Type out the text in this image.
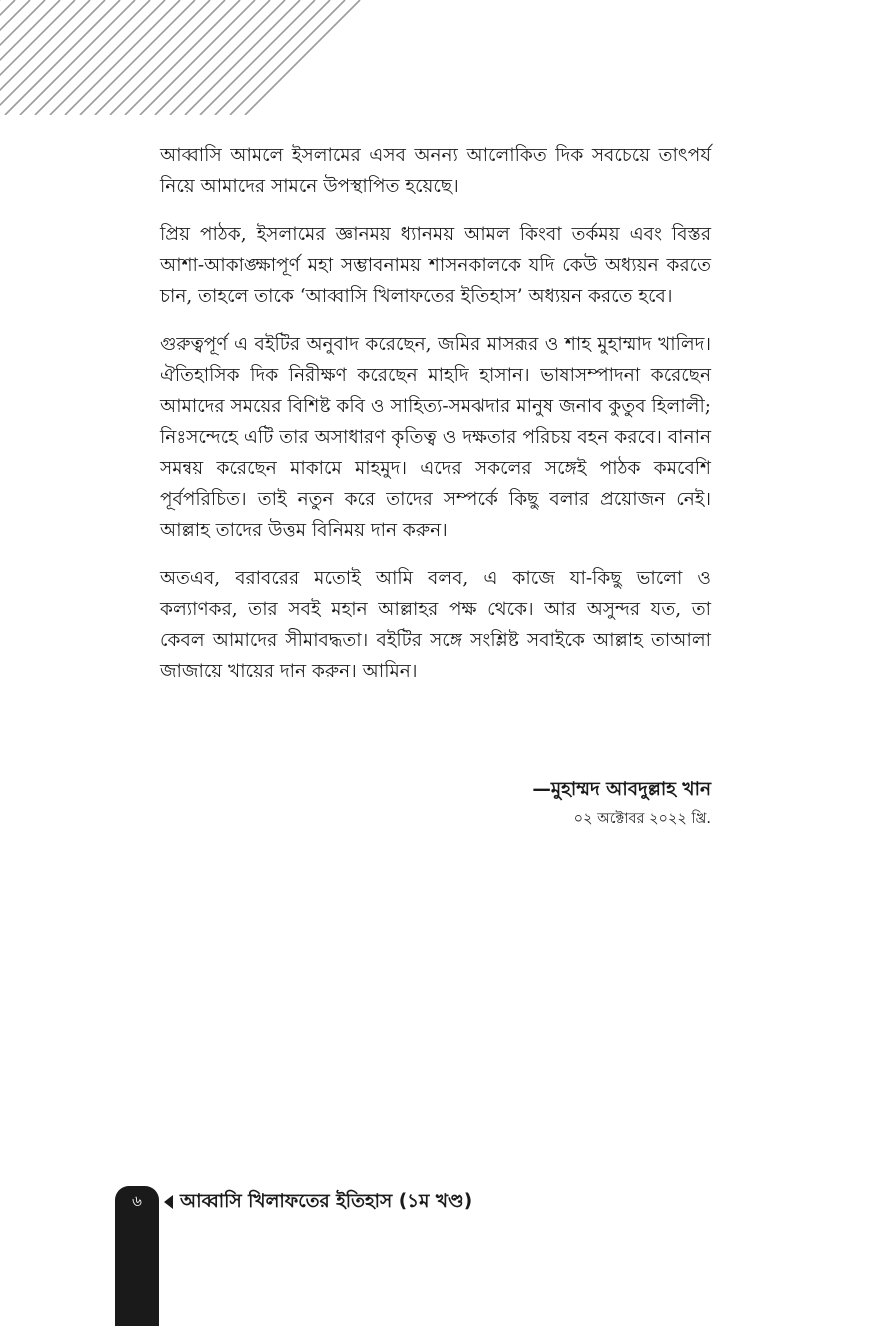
আব্বাসি আমলে ইসলামের এসব অনন্য আলোকিত দিক সবচেয়ে তাৎপর্য নিয়ে আমাদের সামনে উপস্থাপিত হয়েছে।

প্রিয় পাঠক, ইসলামের জ্ঞানময় ধ্যানময় আমল কিংবা তর্কময় এবং বিস্তর আশা-আকাঙ্ক্ষাপূর্ণ মহা সম্ভাবনাময় শাসনকালকে যদি কেউ অধ্যয়ন করতে চান, তাহলে তাকে ‘আব্বাসি খিলাফতের ইতিহাস’ অধ্যয়ন করতে হবে।

গুরুত্বপূর্ণ এ বইটির অনুবাদ করেছেন, জমির মাসরূর ও শাহ মুহাম্মাদ খালিদ। ঐতিহাসিক দিক নিরীক্ষণ করেছেন মাহদি হাসান। ভাষাসম্পাদনা করেছেন আমাদের সময়ের বিশিষ্ট কবি ও সাহিত্য-সমঝদার মানুষ জনাব কুতুব হিলালী; নিঃসন্দেহে এটি তার অসাধারণ কৃতিত্ব ও দক্ষতার পরিচয় বহন করবে। বানান সমন্বয় করেছেন মাকামে মাহমুদ। এদের সকলের সঙ্গেই পাঠক কমবেশি পূর্বপরিচিত। তাই নতুন করে তাদের সম্পর্কে কিছু বলার প্রয়োজন নেই। আল্লাহ তাদের উত্তম বিনিময় দান করুন।

অতএব, বরাবরের মতোই আমি বলব, এ কাজে যা-কিছু ভালো ও কল্যাণকর, তার সবই মহান আল্লাহর পক্ষ থেকে। আর অসুন্দর যত, তা কেবল আমাদের সীমাবদ্ধতা। বইটির সঙ্গে সংশ্লিষ্ট সবাইকে আল্লাহ তাআলা জাজায়ে খায়ের দান করুন। আমিন।

—মুহাম্মদ আবদুল্লাহ খান
০২ অক্টোবর ২০২২ খ্রি.
৬	আব্বাসি খিলাফতের ইতিহাস (১ম খণ্ড)
